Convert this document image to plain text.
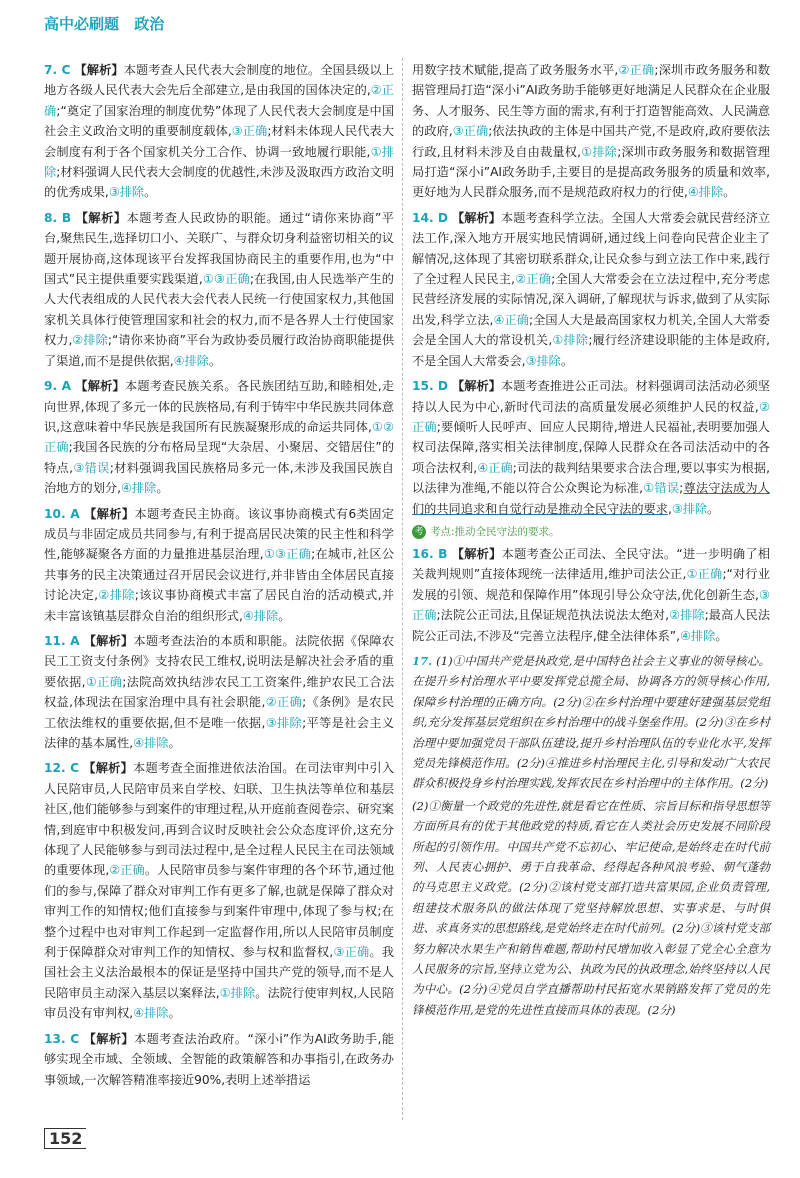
高中必刷题 政治

7. C 【解析】本题考查人民代表大会制度的地位。全国县级以上地方各级人民代表大会先后全部建立,是由我国的国体决定的,②正确;“奠定了国家治理的制度优势”体现了人民代表大会制度是中国社会主义政治文明的重要制度载体,③正确;材料未体现人民代表大会制度有利于各个国家机关分工合作、协调一致地履行职能,①排除;材料强调人民代表大会制度的优越性,未涉及汲取西方政治文明的优秀成果,③排除。

8. B 【解析】本题考查人民政协的职能。通过“请你来协商”平台,聚焦民生,选择切口小、关联广、与群众切身利益密切相关的议题开展协商,这体现该平台发挥我国协商民主的重要作用,也为“中国式”民主提供重要实践渠道,①③正确;在我国,由人民选举产生的人大代表组成的人民代表大会代表人民统一行使国家权力,其他国家机关具体行使管理国家和社会的权力,而不是各界人士行使国家权力,②排除;“请你来协商”平台为政协委员履行政治协商职能提供了渠道,而不是提供依据,④排除。

9. A 【解析】本题考查民族关系。各民族团结互助,和睦相处,走向世界,体现了多元一体的民族格局,有利于铸牢中华民族共同体意识,这意味着中华民族是我国所有民族凝聚形成的命运共同体,①②正确;我国各民族的分布格局呈现“大杂居、小聚居、交错居住”的特点,③错误;材料强调我国民族格局多元一体,未涉及我国民族自治地方的划分,④排除。

10. A 【解析】本题考查民主协商。该议事协商模式有6类固定成员与非固定成员共同参与,有利于提高居民决策的民主性和科学性,能够凝聚各方面的力量推进基层治理,①③正确;在城市,社区公共事务的民主决策通过召开居民会议进行,并非皆由全体居民直接讨论决定,②排除;该议事协商模式丰富了居民自治的活动模式,并未丰富该镇基层群众自治的组织形式,④排除。

11. A 【解析】本题考查法治的本质和职能。法院依据《保障农民工工资支付条例》支持农民工维权,说明法是解决社会矛盾的重要依据,①正确;法院高效执结涉农民工工资案件,维护农民工合法权益,体现法在国家治理中具有社会职能,②正确;《条例》是农民工依法维权的重要依据,但不是唯一依据,③排除;平等是社会主义法律的基本属性,④排除。

12. C 【解析】本题考查全面推进依法治国。在司法审判中引入人民陪审员,人民陪审员来自学校、妇联、卫生执法等单位和基层社区,他们能够参与到案件的审理过程,从开庭前查阅卷宗、研究案情,到庭审中积极发问,再到合议时反映社会公众态度评价,这充分体现了人民能够参与到司法过程中,是全过程人民民主在司法领域的重要体现,②正确。人民陪审员参与案件审理的各个环节,通过他们的参与,保障了群众对审判工作有更多了解,也就是保障了群众对审判工作的知情权;他们直接参与到案件审理中,体现了参与权;在整个过程中也对审判工作起到一定监督作用,所以人民陪审员制度利于保障群众对审判工作的知情权、参与权和监督权,③正确。我国社会主义法治最根本的保证是坚持中国共产党的领导,而不是人民陪审员主动深入基层以案释法,①排除。法院行使审判权,人民陪审员没有审判权,④排除。

13. C 【解析】本题考查法治政府。“深小i”作为AI政务助手,能够实现全市域、全领域、全智能的政策解答和办事指引,在政务办事领域,一次解答精准率接近90%,表明上述举措运

用数字技术赋能,提高了政务服务水平,②正确;深圳市政务服务和数据管理局打造“深小i”AI政务助手能够更好地满足人民群众在企业服务、人才服务、民生等方面的需求,有利于打造智能高效、人民满意的政府,③正确;依法执政的主体是中国共产党,不是政府,政府要依法行政,且材料未涉及自由裁量权,①排除;深圳市政务服务和数据管理局打造“深小i”AI政务助手,主要目的是提高政务服务的质量和效率,更好地为人民群众服务,而不是规范政府权力的行使,④排除。

14. D 【解析】本题考查科学立法。全国人大常委会就民营经济立法工作,深入地方开展实地民情调研,通过线上问卷向民营企业主了解情况,这体现了其密切联系群众,让民众参与到立法工作中来,践行了全过程人民民主,②正确;全国人大常委会在立法过程中,充分考虑民营经济发展的实际情况,深入调研,了解现状与诉求,做到了从实际出发,科学立法,④正确;全国人大是最高国家权力机关,全国人大常委会是全国人大的常设机关,①排除;履行经济建设职能的主体是政府,不是全国人大常委会,③排除。

15. D 【解析】本题考查推进公正司法。材料强调司法活动必须坚持以人民为中心,新时代司法的高质量发展必须维护人民的权益,②正确;要倾听人民呼声、回应人民期待,增进人民福祉,表明要加强人权司法保障,落实相关法律制度,保障人民群众在各司法活动中的各项合法权利,④正确;司法的裁判结果要求合法合理,要以事实为根据,以法律为准绳,不能以符合公众舆论为标准,①错误;尊法守法成为人们的共同追求和自觉行动是推动全民守法的要求,③排除。

考 考点:推动全民守法的要求。

16. B 【解析】本题考查公正司法、全民守法。“进一步明确了相关裁判规则”直接体现统一法律适用,维护司法公正,①正确;“对行业发展的引领、规范和保障作用”体现引导公众守法,优化创新生态,③正确;法院公正司法,且保证规范执法说法太绝对,②排除;最高人民法院公正司法,不涉及“完善立法程序,健全法律体系”,④排除。

17. (1)①中国共产党是执政党,是中国特色社会主义事业的领导核心。在提升乡村治理水平中要发挥党总揽全局、协调各方的领导核心作用,保障乡村治理的正确方向。(2分)②在乡村治理中要建好建强基层党组织,充分发挥基层党组织在乡村治理中的战斗堡垒作用。(2分)③在乡村治理中要加强党员干部队伍建设,提升乡村治理队伍的专业化水平,发挥党员先锋模范作用。(2分)④推进乡村治理民主化,引导和发动广大农民群众积极投身乡村治理实践,发挥农民在乡村治理中的主体作用。(2分)

(2)①衡量一个政党的先进性,就是看它在性质、宗旨目标和指导思想等方面所具有的优于其他政党的特质,看它在人类社会历史发展不同阶段所起的引领作用。中国共产党不忘初心、牢记使命,是始终走在时代前列、人民衷心拥护、勇于自我革命、经得起各种风浪考验、朝气蓬勃的马克思主义政党。(2分)②该村党支部打造共富果园,企业负责管理,组建技术服务队的做法体现了党坚持解放思想、实事求是、与时俱进、求真务实的思想路线,是党始终走在时代前列。(2分)③该村党支部努力解决水果生产和销售难题,帮助村民增加收入彰显了党全心全意为人民服务的宗旨,坚持立党为公、执政为民的执政理念,始终坚持以人民为中心。(2分)④党员自学直播帮助村民拓宽水果销路发挥了党员的先锋模范作用,是党的先进性直接而具体的表现。(2分)

152
